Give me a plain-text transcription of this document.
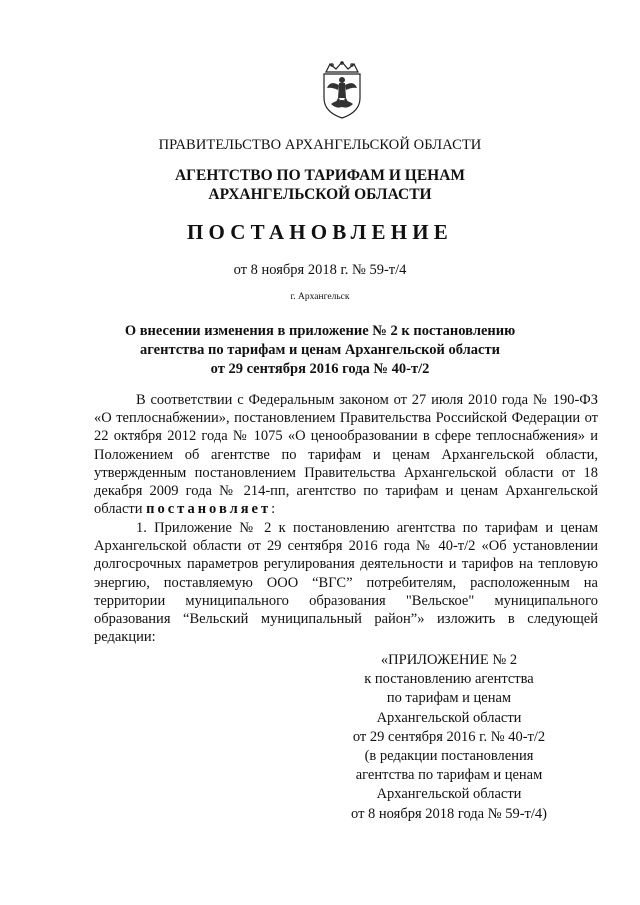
ПРАВИТЕЛЬСТВО АРХАНГЕЛЬСКОЙ ОБЛАСТИ
АГЕНТСТВО ПО ТАРИФАМ И ЦЕНАМ
АРХАНГЕЛЬСКОЙ ОБЛАСТИ
ПОСТАНОВЛЕНИЕ
от 8 ноября 2018 г. № 59-т/4
г. Архангельск
О внесении изменения в приложение № 2 к постановлению
агентства по тарифам и ценам Архангельской области
от 29 сентября 2016 года № 40-т/2

В соответствии с Федеральным законом от 27 июля 2010 года № 190-ФЗ «О теплоснабжении», постановлением Правительства Российской Федерации от 22 октября 2012 года № 1075 «О ценообразовании в сфере теплоснабжения» и Положением об агентстве по тарифам и ценам Архангельской области, утвержденным постановлением Правительства Архангельской области от 18 декабря 2009 года № 214-пп, агентство по тарифам и ценам Архангельской области постановляет:

1. Приложение № 2 к постановлению агентства по тарифам и ценам Архангельской области от 29 сентября 2016 года № 40-т/2 «Об установлении долгосрочных параметров регулирования деятельности и тарифов на тепловую энергию, поставляемую ООО “ВГС” потребителям, расположенным на территории муниципального образования "Вельское" муниципального образования “Вельский муниципальный район”» изложить в следующей редакции:

«ПРИЛОЖЕНИЕ № 2
к постановлению агентства
по тарифам и ценам
Архангельской области
от 29 сентября 2016 г. № 40-т/2
(в редакции постановления
агентства по тарифам и ценам
Архангельской области
от 8 ноября 2018 года № 59-т/4)
